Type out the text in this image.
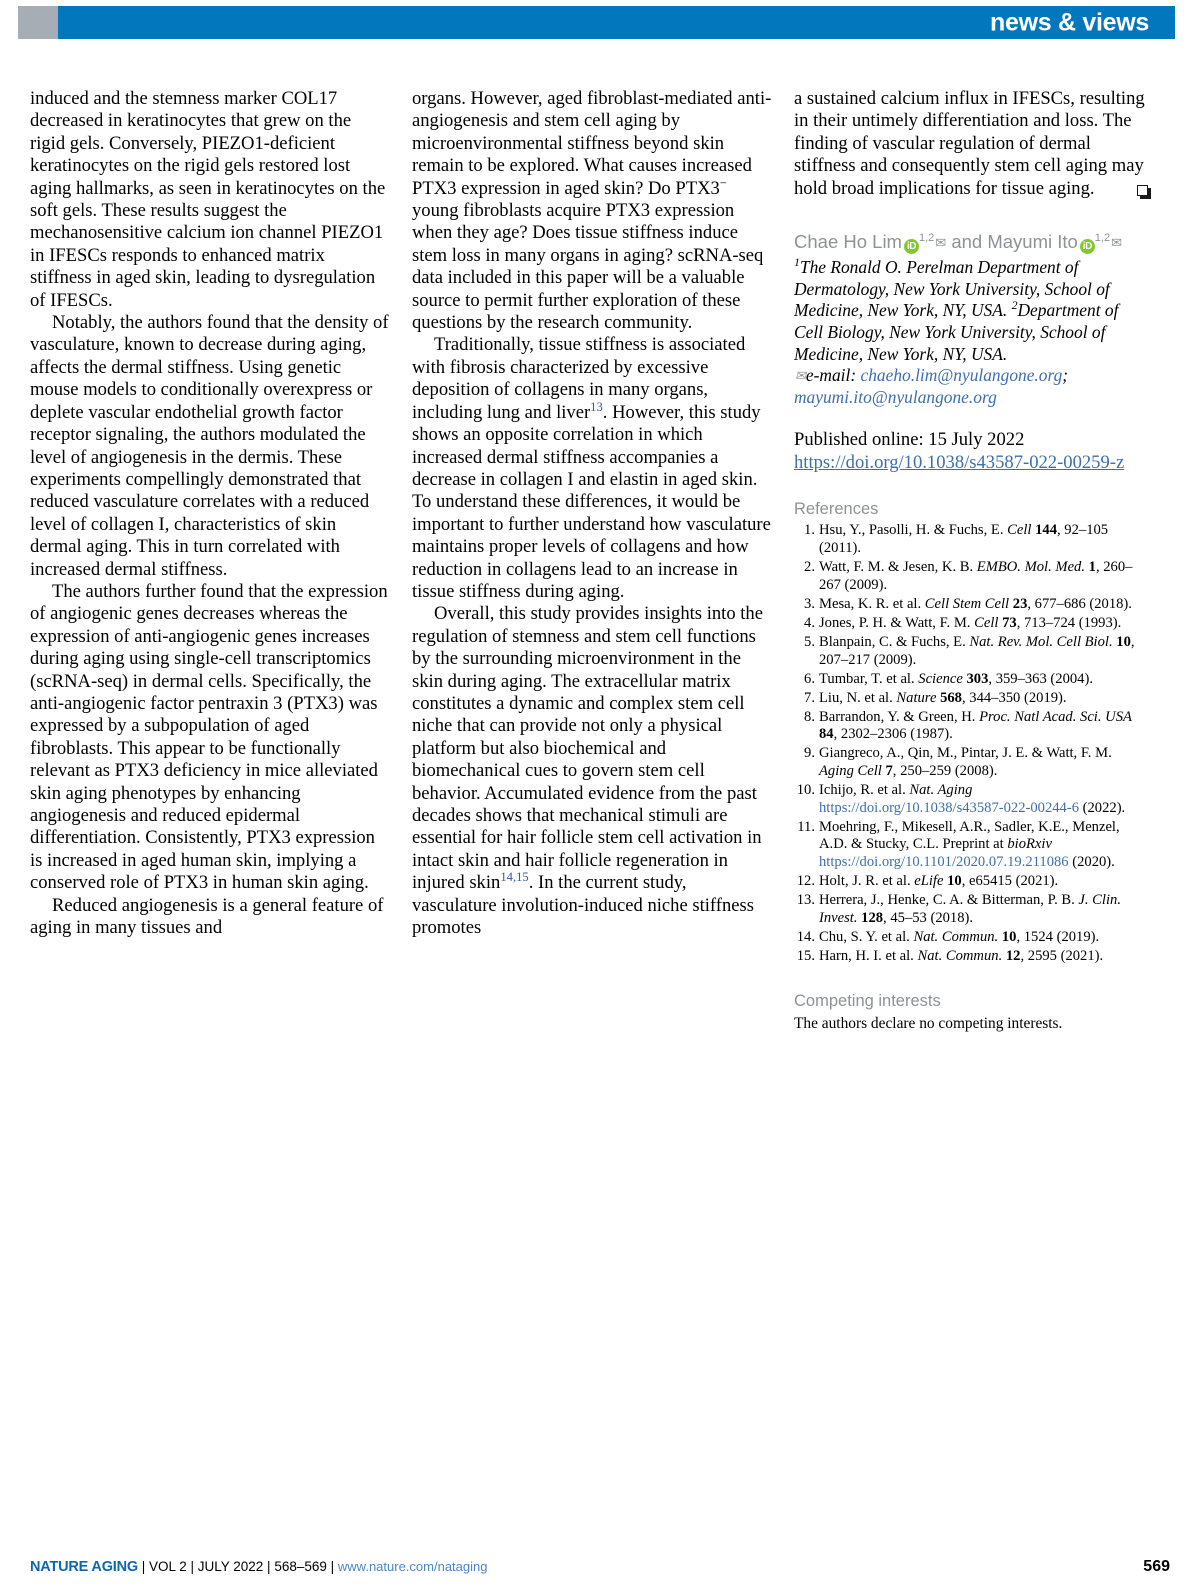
news & views

induced and the stemness marker COL17 decreased in keratinocytes that grew on the rigid gels. Conversely, PIEZO1-deficient keratinocytes on the rigid gels restored lost aging hallmarks, as seen in keratinocytes on the soft gels. These results suggest the mechanosensitive calcium ion channel PIEZO1 in IFESCs responds to enhanced matrix stiffness in aged skin, leading to dysregulation of IFESCs.

Notably, the authors found that the density of vasculature, known to decrease during aging, affects the dermal stiffness. Using genetic mouse models to conditionally overexpress or deplete vascular endothelial growth factor receptor signaling, the authors modulated the level of angiogenesis in the dermis. These experiments compellingly demonstrated that reduced vasculature correlates with a reduced level of collagen I, characteristics of skin dermal aging. This in turn correlated with increased dermal stiffness.

The authors further found that the expression of angiogenic genes decreases whereas the expression of anti-angiogenic genes increases during aging using single-cell transcriptomics (scRNA-seq) in dermal cells. Specifically, the anti-angiogenic factor pentraxin 3 (PTX3) was expressed by a subpopulation of aged fibroblasts. This appear to be functionally relevant as PTX3 deficiency in mice alleviated skin aging phenotypes by enhancing angiogenesis and reduced epidermal differentiation. Consistently, PTX3 expression is increased in aged human skin, implying a conserved role of PTX3 in human skin aging.

Reduced angiogenesis is a general feature of aging in many tissues and

organs. However, aged fibroblast-mediated anti-angiogenesis and stem cell aging by microenvironmental stiffness beyond skin remain to be explored. What causes increased PTX3 expression in aged skin? Do PTX3− young fibroblasts acquire PTX3 expression when they age? Does tissue stiffness induce stem loss in many organs in aging? scRNA-seq data included in this paper will be a valuable source to permit further exploration of these questions by the research community.

Traditionally, tissue stiffness is associated with fibrosis characterized by excessive deposition of collagens in many organs, including lung and liver$^{13}$. However, this study shows an opposite correlation in which increased dermal stiffness accompanies a decrease in collagen I and elastin in aged skin. To understand these differences, it would be important to further understand how vasculature maintains proper levels of collagens and how reduction in collagens lead to an increase in tissue stiffness during aging.

Overall, this study provides insights into the regulation of stemness and stem cell functions by the surrounding microenvironment in the skin during aging. The extracellular matrix constitutes a dynamic and complex stem cell niche that can provide not only a physical platform but also biochemical and biomechanical cues to govern stem cell behavior. Accumulated evidence from the past decades shows that mechanical stimuli are essential for hair follicle stem cell activation in intact skin and hair follicle regeneration in injured skin$^{14,15}$. In the current study, vasculature involution-induced niche stiffness promotes

a sustained calcium influx in IFESCs, resulting in their untimely differentiation and loss. The finding of vascular regulation of dermal stiffness and consequently stem cell aging may hold broad implications for tissue aging.

Chae Ho Lim iD$^{1,2}$✉ and Mayumi Ito iD$^{1,2}$✉
$^1$The Ronald O. Perelman Department of Dermatology, New York University, School of Medicine, New York, NY, USA. $^2$Department of Cell Biology, New York University, School of Medicine, New York, NY, USA.
✉e-mail: chaeho.lim@nyulangone.org; mayumi.ito@nyulangone.org
Published online: 15 July 2022
https://doi.org/10.1038/s43587-022-00259-z
References
Hsu, Y., Pasolli, H. & Fuchs, E. Cell 144, 92–105 (2011).
Watt, F. M. & Jesen, K. B. EMBO. Mol. Med. 1, 260–267 (2009).
Mesa, K. R. et al. Cell Stem Cell 23, 677–686 (2018).
Jones, P. H. & Watt, F. M. Cell 73, 713–724 (1993).
Blanpain, C. & Fuchs, E. Nat. Rev. Mol. Cell Biol. 10, 207–217 (2009).
Tumbar, T. et al. Science 303, 359–363 (2004).
Liu, N. et al. Nature 568, 344–350 (2019).
Barrandon, Y. & Green, H. Proc. Natl Acad. Sci. USA 84, 2302–2306 (1987).
Giangreco, A., Qin, M., Pintar, J. E. & Watt, F. M. Aging Cell 7, 250–259 (2008).
Ichijo, R. et al. Nat. Aging https://doi.org/10.1038/s43587-022-00244-6 (2022).
Moehring, F., Mikesell, A.R., Sadler, K.E., Menzel, A.D. & Stucky, C.L. Preprint at bioRxiv https://doi.org/10.1101/2020.07.19.211086 (2020).
Holt, J. R. et al. eLife 10, e65415 (2021).
Herrera, J., Henke, C. A. & Bitterman, P. B. J. Clin. Invest. 128, 45–53 (2018).
Chu, S. Y. et al. Nat. Commun. 10, 1524 (2019).
Harn, H. I. et al. Nat. Commun. 12, 2595 (2021).
Competing interests
The authors declare no competing interests.
NATURE AGING | VOL 2 | JULY 2022 | 568–569 | www.nature.com/nataging	569
